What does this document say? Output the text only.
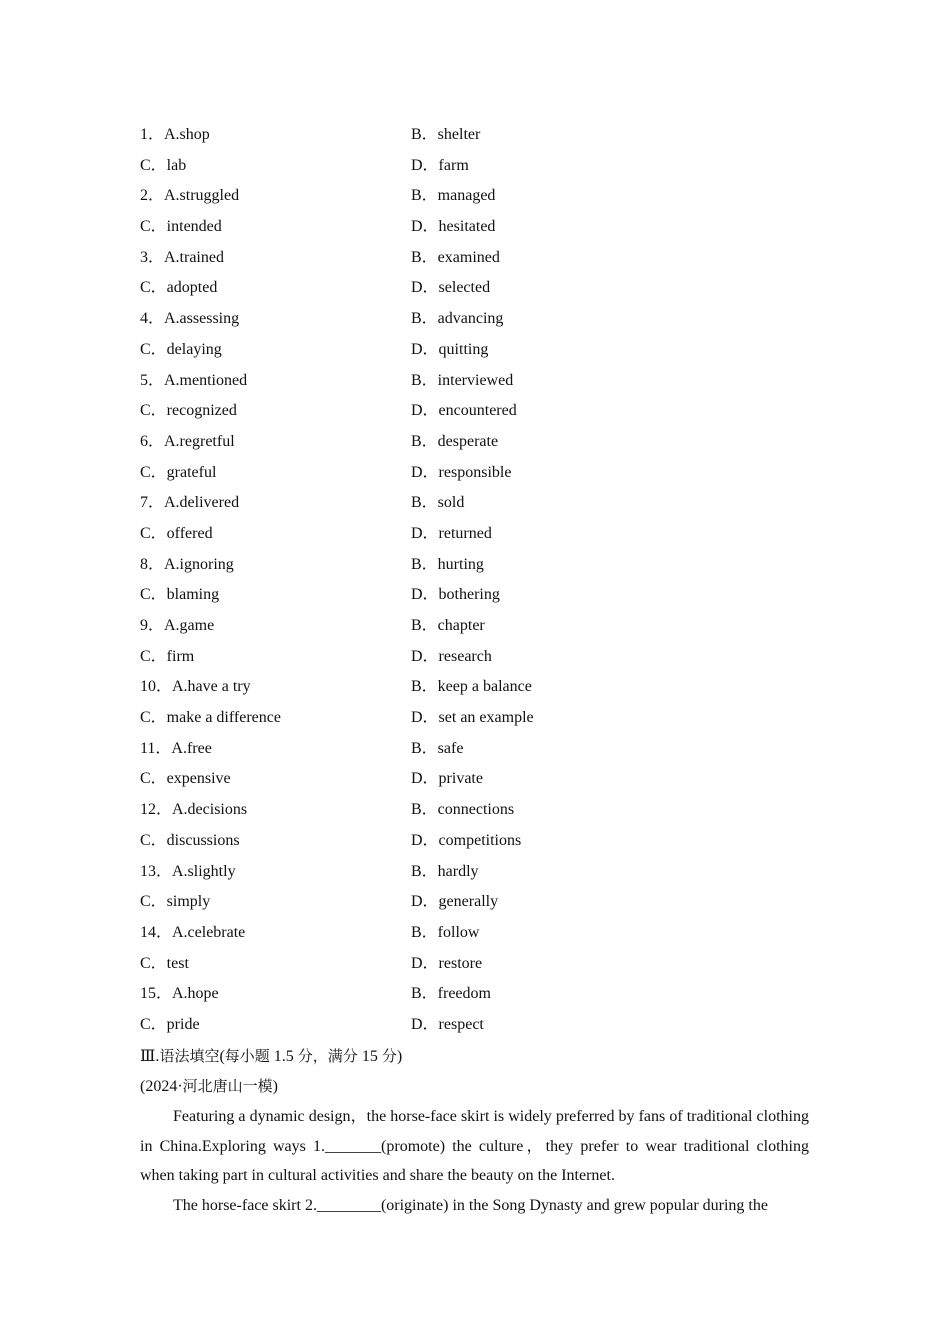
1．A.shop	B．shelter
C．lab	D．farm
2．A.struggled	B．managed
C．intended	D．hesitated
3．A.trained	B．examined
C．adopted	D．selected
4．A.assessing	B．advancing
C．delaying	D．quitting
5．A.mentioned	B．interviewed
C．recognized	D．encountered
6．A.regretful	B．desperate
C．grateful	D．responsible
7．A.delivered	B．sold
C．offered	D．returned
8．A.ignoring	B．hurting
C．blaming	D．bothering
9．A.game	B．chapter
C．firm	D．research
10．A.have a try	B．keep a balance
C．make a difference	D．set an example
11．A.free	B．safe
C．expensive	D．private
12．A.decisions	B．connections
C．discussions	D．competitions
13．A.slightly	B．hardly
C．simply	D．generally
14．A.celebrate	B．follow
C．test	D．restore
15．A.hope	B．freedom
C．pride	D．respect
Ⅲ.语法填空(每小题 1.5 分，满分 15 分)
(2024·河北唐山一模)

Featuring a dynamic design，the horse-face skirt is widely preferred by fans of traditional clothing in China.Exploring ways 1._______(promote) the culture，they prefer to wear traditional clothing when taking part in cultural activities and share the beauty on the Internet.

The horse-face skirt 2.________(originate) in the Song Dynasty and grew popular during the
